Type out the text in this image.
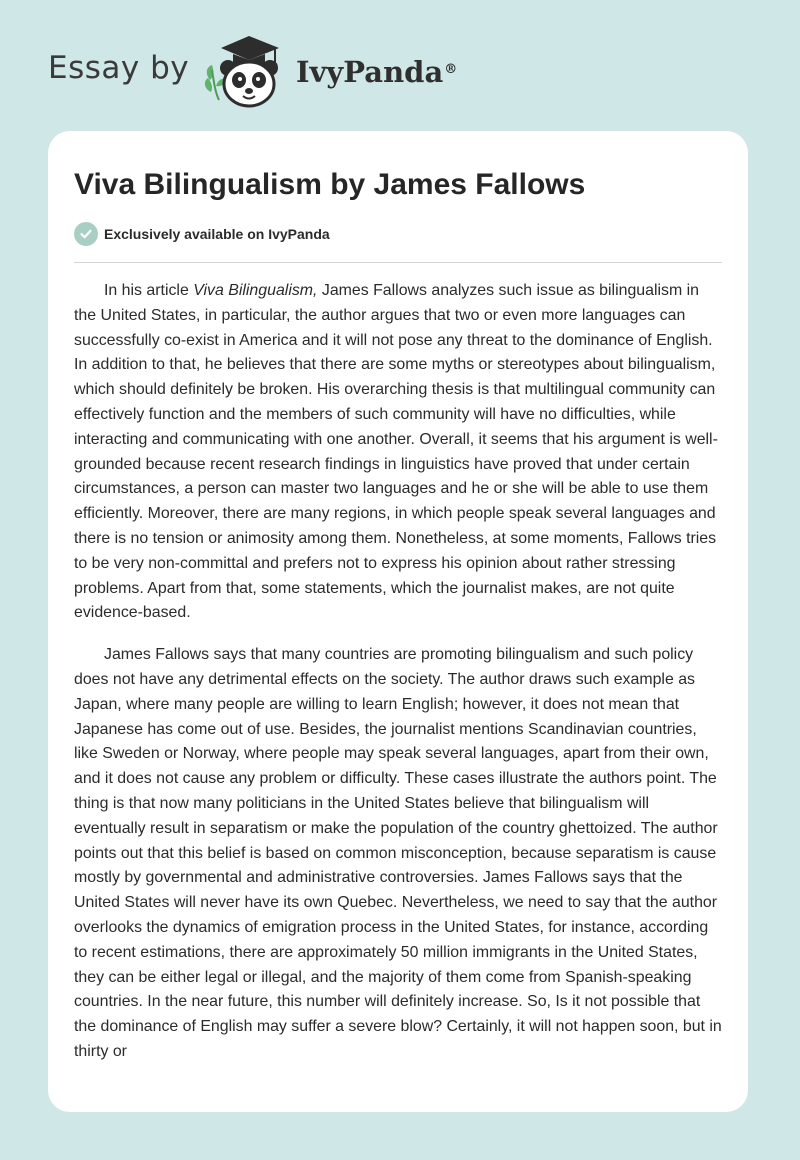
Essay by	IvyPanda®
Viva Bilingualism by James Fallows
Exclusively available on IvyPanda

In his article Viva Bilingualism, James Fallows analyzes such issue as bilingualism in the United States, in particular, the author argues that two or even more languages can successfully co-exist in America and it will not pose any threat to the dominance of English. In addition to that, he believes that there are some myths or stereotypes about bilingualism, which should definitely be broken. His overarching thesis is that multilingual community can effectively function and the members of such community will have no difficulties, while interacting and communicating with one another. Overall, it seems that his argument is well-grounded because recent research findings in linguistics have proved that under certain circumstances, a person can master two languages and he or she will be able to use them efficiently. Moreover, there are many regions, in which people speak several languages and there is no tension or animosity among them. Nonetheless, at some moments, Fallows tries to be very non-committal and prefers not to express his opinion about rather stressing problems. Apart from that, some statements, which the journalist makes, are not quite evidence-based.

James Fallows says that many countries are promoting bilingualism and such policy does not have any detrimental effects on the society. The author draws such example as Japan, where many people are willing to learn English; however, it does not mean that Japanese has come out of use. Besides, the journalist mentions Scandinavian countries, like Sweden or Norway, where people may speak several languages, apart from their own, and it does not cause any problem or difficulty. These cases illustrate the authors point. The thing is that now many politicians in the United States believe that bilingualism will eventually result in separatism or make the population of the country ghettoized. The author points out that this belief is based on common misconception, because separatism is cause mostly by governmental and administrative controversies. James Fallows says that the United States will never have its own Quebec. Nevertheless, we need to say that the author overlooks the dynamics of emigration process in the United States, for instance, according to recent estimations, there are approximately 50 million immigrants in the United States, they can be either legal or illegal, and the majority of them come from Spanish-speaking countries. In the near future, this number will definitely increase. So, Is it not possible that the dominance of English may suffer a severe blow? Certainly, it will not happen soon, but in thirty or
